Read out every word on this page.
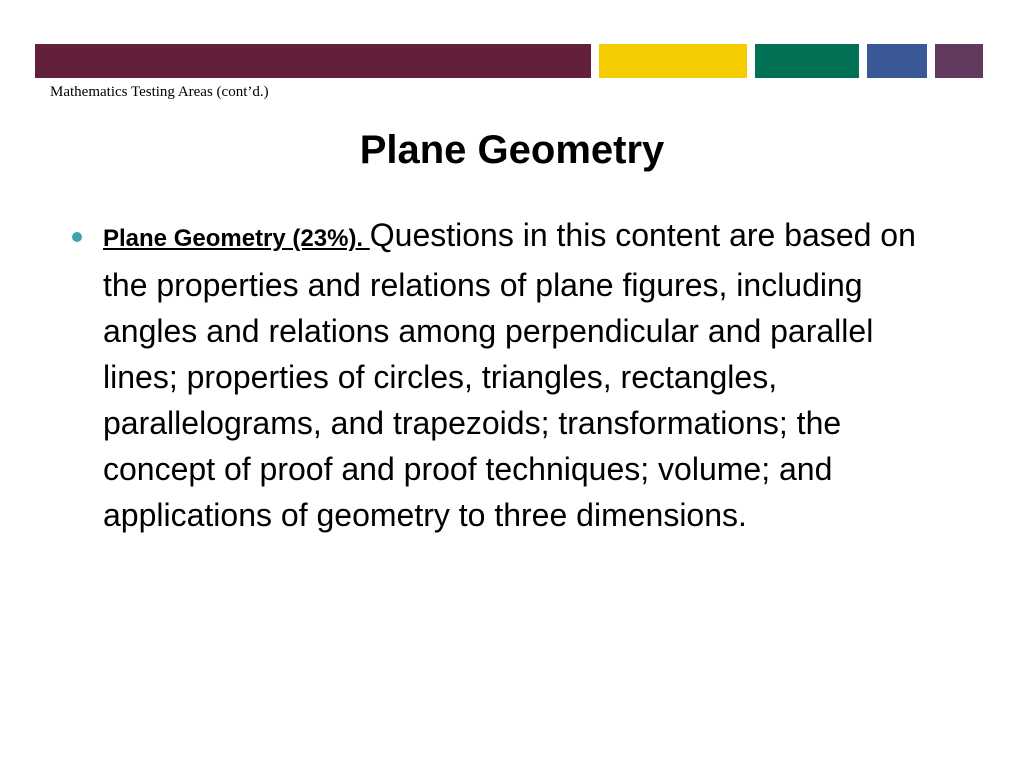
Mathematics Testing Areas (cont’d.)
Plane Geometry
Plane Geometry (23%). Questions in this content are based on the properties and relations of plane figures, including angles and relations among perpendicular and parallel lines; properties of circles, triangles, rectangles, parallelograms, and trapezoids; transformations; the concept of proof and proof techniques; volume; and applications of geometry to three dimensions.
